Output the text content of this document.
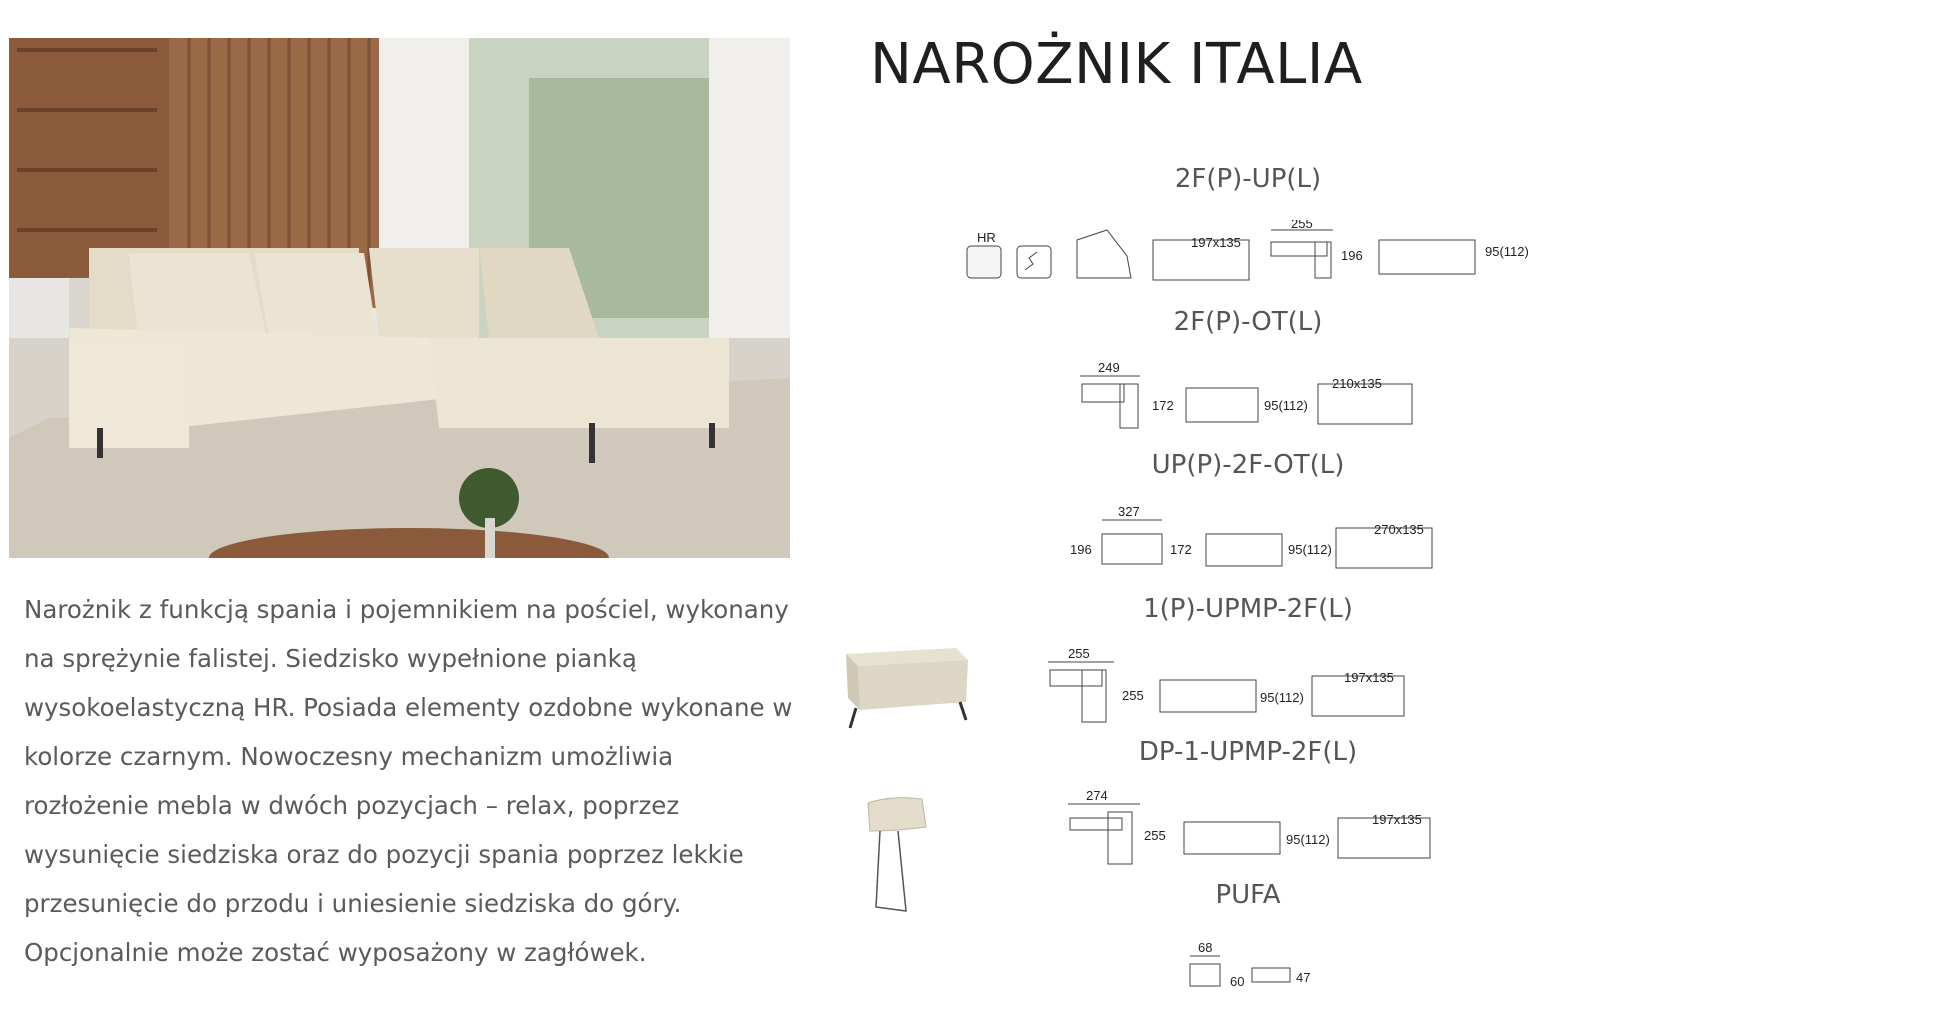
NAROŻNIK ITALIA

Narożnik z funkcją spania i pojemnikiem na pościel, wykonany na sprężynie falistej. Siedzisko wypełnione pianką wysokoelastyczną HR. Posiada elementy ozdobne wykonane w kolorze czarnym. Nowoczesny mechanizm umożliwia rozłożenie mebla w dwóch pozycjach – relax, poprzez wysunięcie siedziska oraz do pozycji spania poprzez lekkie przesunięcie do przodu i uniesienie siedziska do góry. Opcjonalnie może zostać wyposażony w zagłówek.

2F(P)-UP(L)
HR	197x135
255
196	95(112)
2F(P)-OT(L)
249
172	95(112)
210x135
UP(P)-2F-OT(L)
196
327
172	95(112)
270x135
1(P)-UPMP-2F(L)
255
255	95(112)
197x135
DP-1-UPMP-2F(L)
274
255	95(112)
197x135
PUFA
68
60	47
